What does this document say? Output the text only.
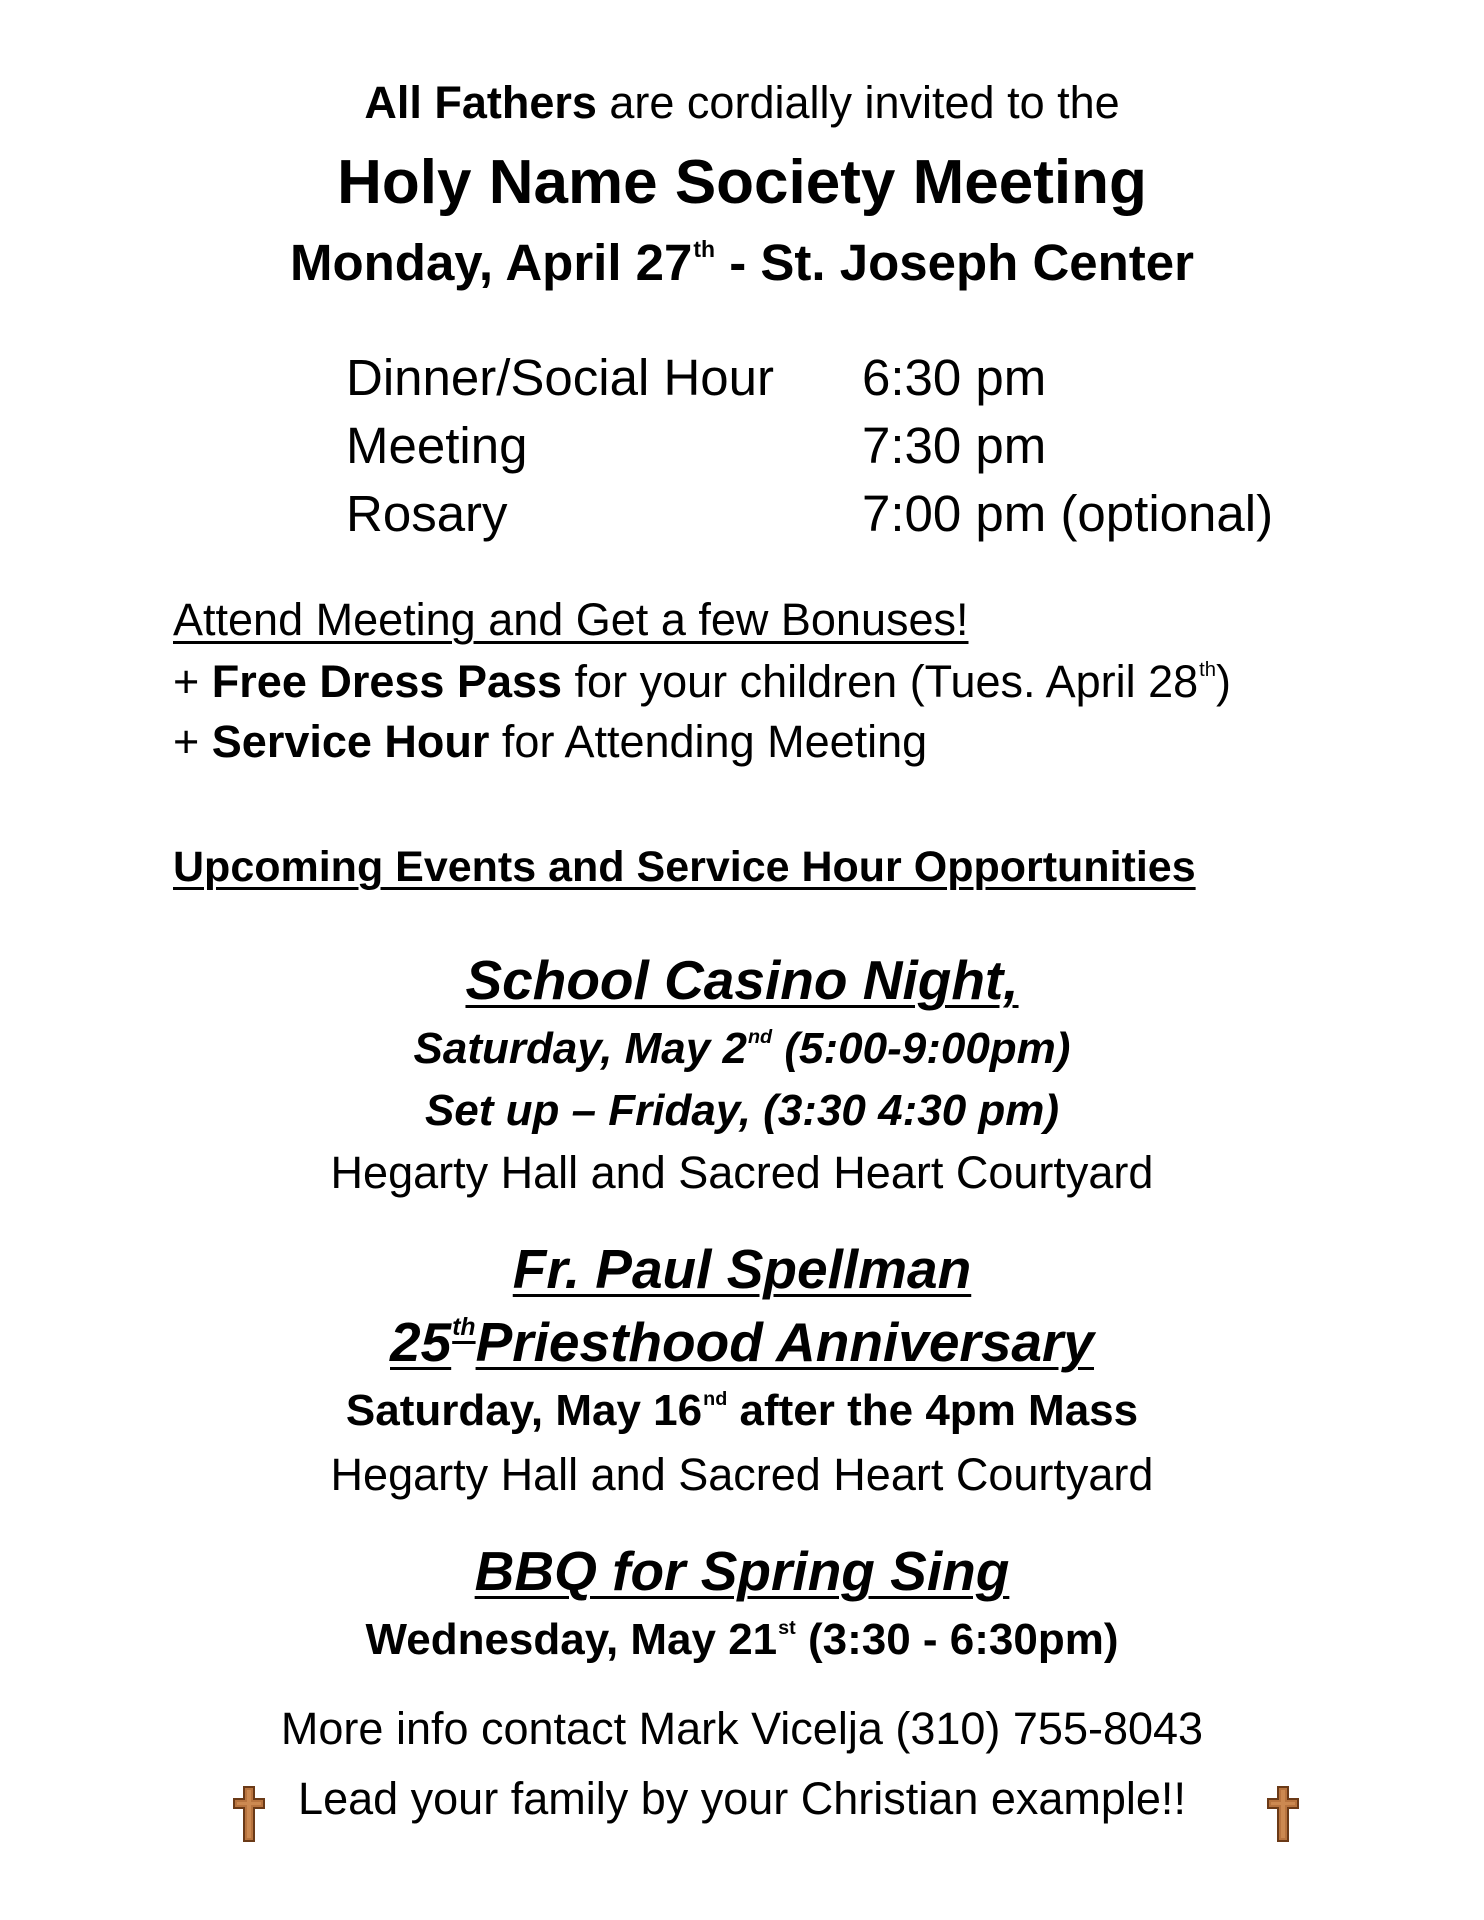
All Fathers are cordially invited to the
Holy Name Society Meeting
Monday, April 27th - St. Joseph Center
Dinner/Social Hour 6:30 pm
Meeting	7:30 pm
Rosary	7:00 pm (optional)
Attend Meeting and Get a few Bonuses!
+ Free Dress Pass for your children (Tues. April 28th)
+ Service Hour for Attending Meeting
Upcoming Events and Service Hour Opportunities
School Casino Night,
Saturday, May 2nd (5:00-9:00pm)
Set up – Friday, (3:30 4:30 pm)
Hegarty Hall and Sacred Heart Courtyard
Fr. Paul Spellman
25thPriesthood Anniversary
Saturday, May 16nd after the 4pm Mass
Hegarty Hall and Sacred Heart Courtyard
BBQ for Spring Sing
Wednesday, May 21st (3:30 - 6:30pm)
More info contact Mark Vicelja (310) 755-8043
Lead your family by your Christian example!!
